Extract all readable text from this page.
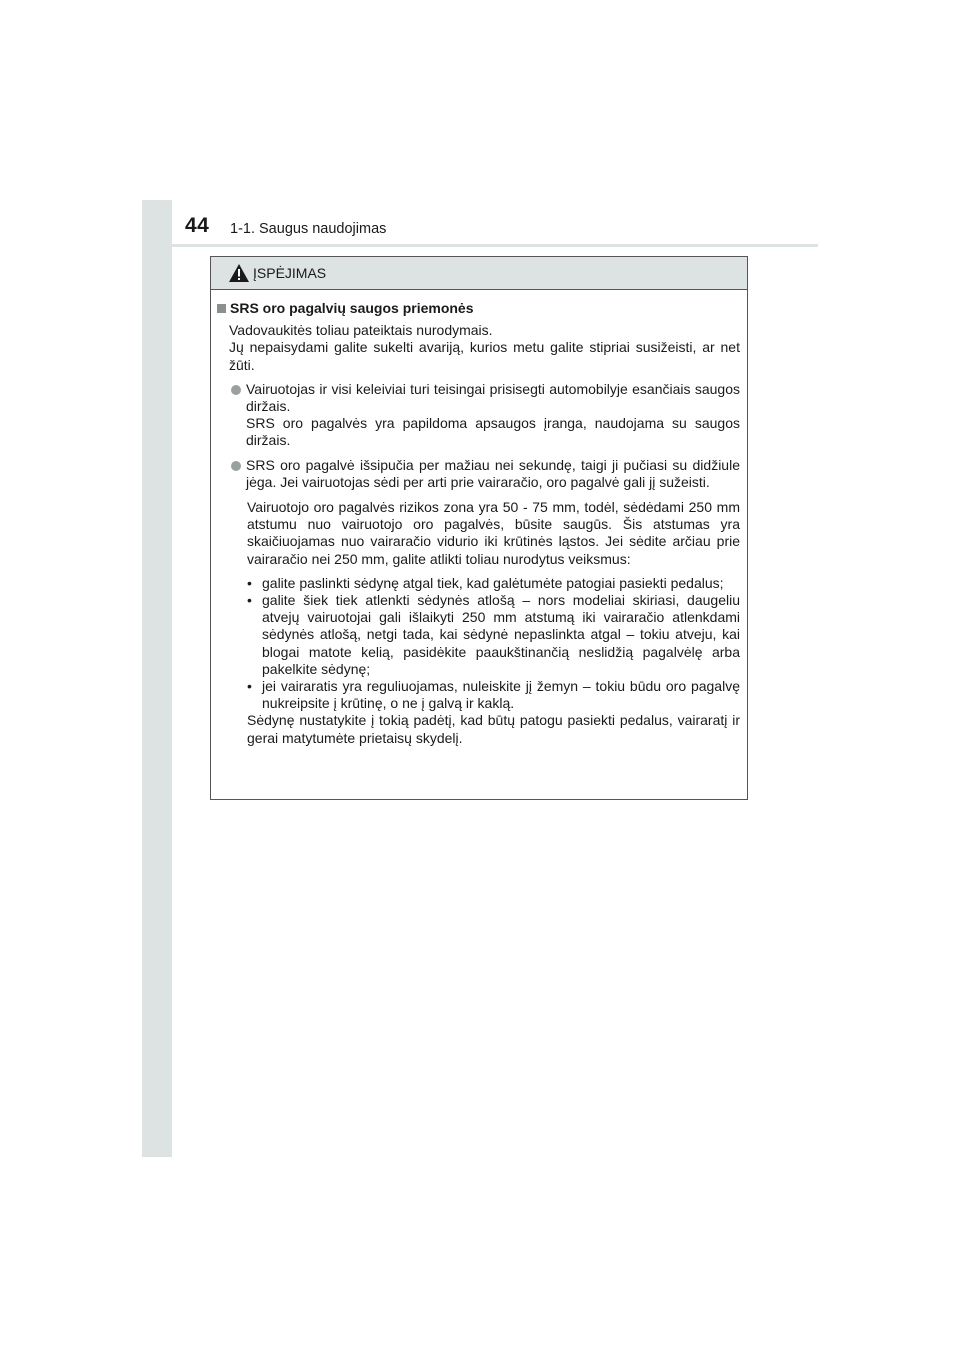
44 1-1. Saugus naudojimas
ĮSPĖJIMAS
SRS oro pagalvių saugos priemonės
Vadovaukitės toliau pateiktais nurodymais.
Jų nepaisydami galite sukelti avariją, kurios metu galite stipriai susižeisti, ar net žūti.
Vairuotojas ir visi keleiviai turi teisingai prisisegti automobilyje esančiais saugos diržais.
SRS oro pagalvės yra papildoma apsaugos įranga, naudojama su saugos diržais.
SRS oro pagalvė išsipučia per mažiau nei sekundę, taigi ji pučiasi su didžiule jėga. Jei vairuotojas sėdi per arti prie vairaračio, oro pagalvė gali jį sužeisti.
Vairuotojo oro pagalvės rizikos zona yra 50 - 75 mm, todėl, sėdėdami 250 mm atstumu nuo vairuotojo oro pagalvės, būsite saugūs. Šis atstumas yra skaičiuojamas nuo vairaračio vidurio iki krūtinės ląstos. Jei sėdite arčiau prie vairaračio nei 250 mm, galite atlikti toliau nurodytus veiksmus:
• galite paslinkti sėdynę atgal tiek, kad galėtumėte patogiai pasiekti pedalus;
• galite šiek tiek atlenkti sėdynės atlošą – nors modeliai skiriasi, daugeliu atvejų vairuotojai gali išlaikyti 250 mm atstumą iki vairaračio atlenkdami sėdynės atlošą, netgi tada, kai sėdynė nepaslinkta atgal – tokiu atveju, kai blogai matote kelią, pasidėkite paaukštinančią neslidžią pagalvėlę arba pakelkite sėdynę;
• jei vairaratis yra reguliuojamas, nuleiskite jį žemyn – tokiu būdu oro pagalvę nukreipsite į krūtinę, o ne į galvą ir kaklą.
Sėdynę nustatykite į tokią padėtį, kad būtų patogu pasiekti pedalus, vairaratį ir gerai matytumėte prietaisų skydelį.
